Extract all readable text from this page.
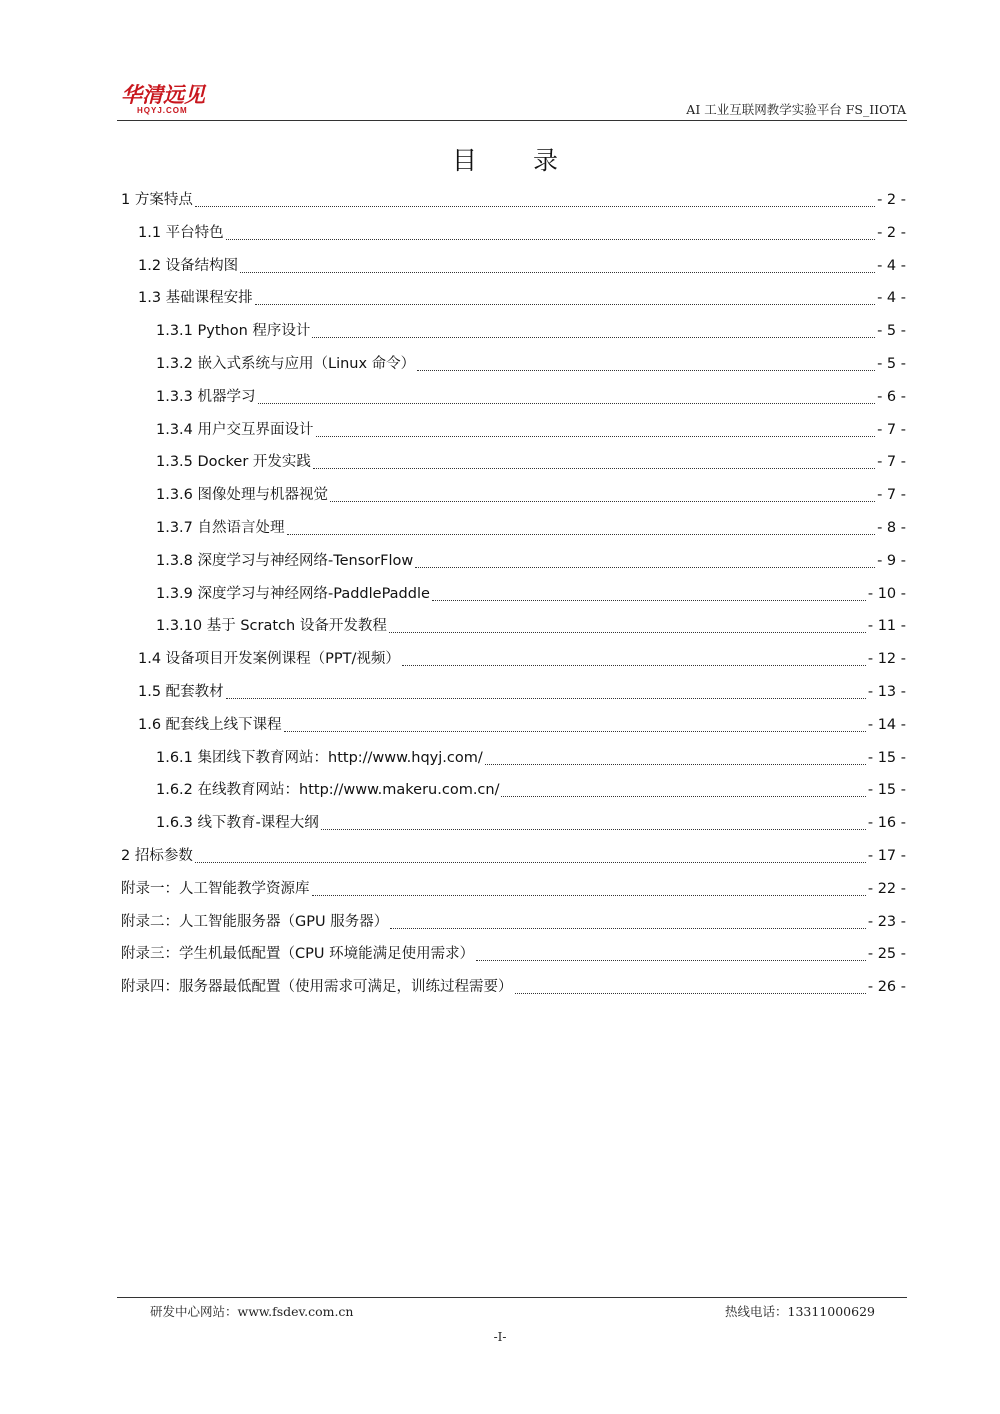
华清远见
HQYJ.COM	AI 工业互联网教学实验平台 FS_IIOTA
目 录
1 方案特点	- 2 -
1.1 平台特色	- 2 -
1.2 设备结构图	- 4 -
1.3 基础课程安排	- 4 -
1.3.1 Python 程序设计	- 5 -
1.3.2 嵌入式系统与应用（Linux 命令）	- 5 -
1.3.3 机器学习	- 6 -
1.3.4 用户交互界面设计	- 7 -
1.3.5 Docker 开发实践	- 7 -
1.3.6 图像处理与机器视觉	- 7 -
1.3.7 自然语言处理	- 8 -
1.3.8 深度学习与神经网络-TensorFlow	- 9 -
1.3.9 深度学习与神经网络-PaddlePaddle	- 10 -
1.3.10 基于 Scratch 设备开发教程	- 11 -
1.4 设备项目开发案例课程（PPT/视频）	- 12 -
1.5 配套教材	- 13 -
1.6 配套线上线下课程	- 14 -
1.6.1 集团线下教育网站：http://www.hqyj.com/	- 15 -
1.6.2 在线教育网站：http://www.makeru.com.cn/	- 15 -
1.6.3 线下教育-课程大纲	- 16 -
2 招标参数	- 17 -
附录一：人工智能教学资源库	- 22 -
附录二：人工智能服务器（GPU 服务器）	- 23 -
附录三：学生机最低配置（CPU 环境能满足使用需求）	- 25 -
附录四：服务器最低配置（使用需求可满足，训练过程需要）	- 26 -
研发中心网站：www.fsdev.com.cn	热线电话：13311000629
-I-
